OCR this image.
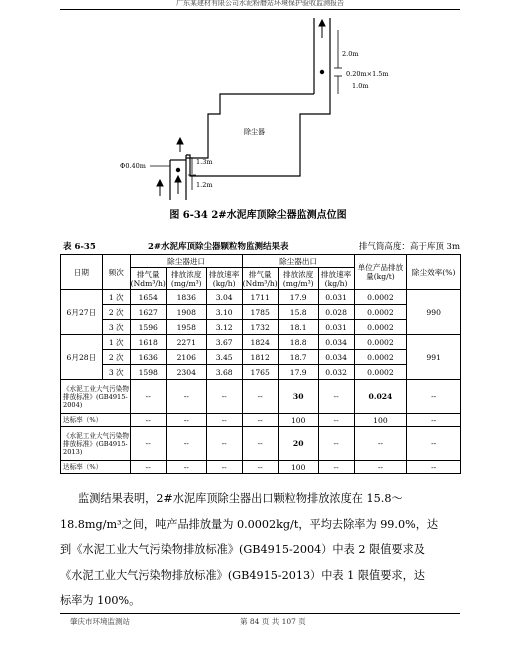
广东某建材有限公司水泥粉磨站环境保护验收监测报告
除尘器
2.0m
0.20m×1.5m
1.0m
1.3m
1.2m
Φ0.40m
图 6-34 2#水泥库顶除尘器监测点位图
表 6-35	2#水泥库顶除尘器颗粒物监测结果表	排气筒高度：高于库顶 3m
日期	频次	除尘器进口			除尘器出口			单位产品排放量(kg/t)	除尘效率(%)
		排气量(Ndm³/h)	排放浓度(mg/m³)	排放速率(kg/h)	排气量(Ndm³/h)	排放浓度(mg/m³)	排放速率(kg/h)		
6月27日	1 次	1654	1836	3.04	1711	17.9	0.031	0.0002	990
	2 次	1627	1908	3.10	1785	15.8	0.028	0.0002	
	3 次	1596	1958	3.12	1732	18.1	0.031	0.0002	
6月28日	1 次	1618	2271	3.67	1824	18.8	0.034	0.0002	991
	2 次	1636	2106	3.45	1812	18.7	0.034	0.0002	
	3 次	1598	2304	3.68	1765	17.9	0.032	0.0002	
《水泥工业大气污染物排放标准》(GB4915-2004)		--	--	--	--	30	--	0.024	--
达标率（%）		--	--	--	--	100	--	100	--
《水泥工业大气污染物排放标准》(GB4915-2013)		--	--	--	--	20	--	--	--
达标率（%）		--	--	--	--	100	--	--	--

监测结果表明，2#水泥库顶除尘器出口颗粒物排放浓度在 15.8～

18.8mg/m³之间，吨产品排放量为 0.0002kg/t，平均去除率为 99.0%，达

到《水泥工业大气污染物排放标准》(GB4915-2004）中表 2 限值要求及

《水泥工业大气污染物排放标准》(GB4915-2013）中表 1 限值要求，达

标率为 100%。

肇庆市环境监测站	第 84 页 共 107 页
